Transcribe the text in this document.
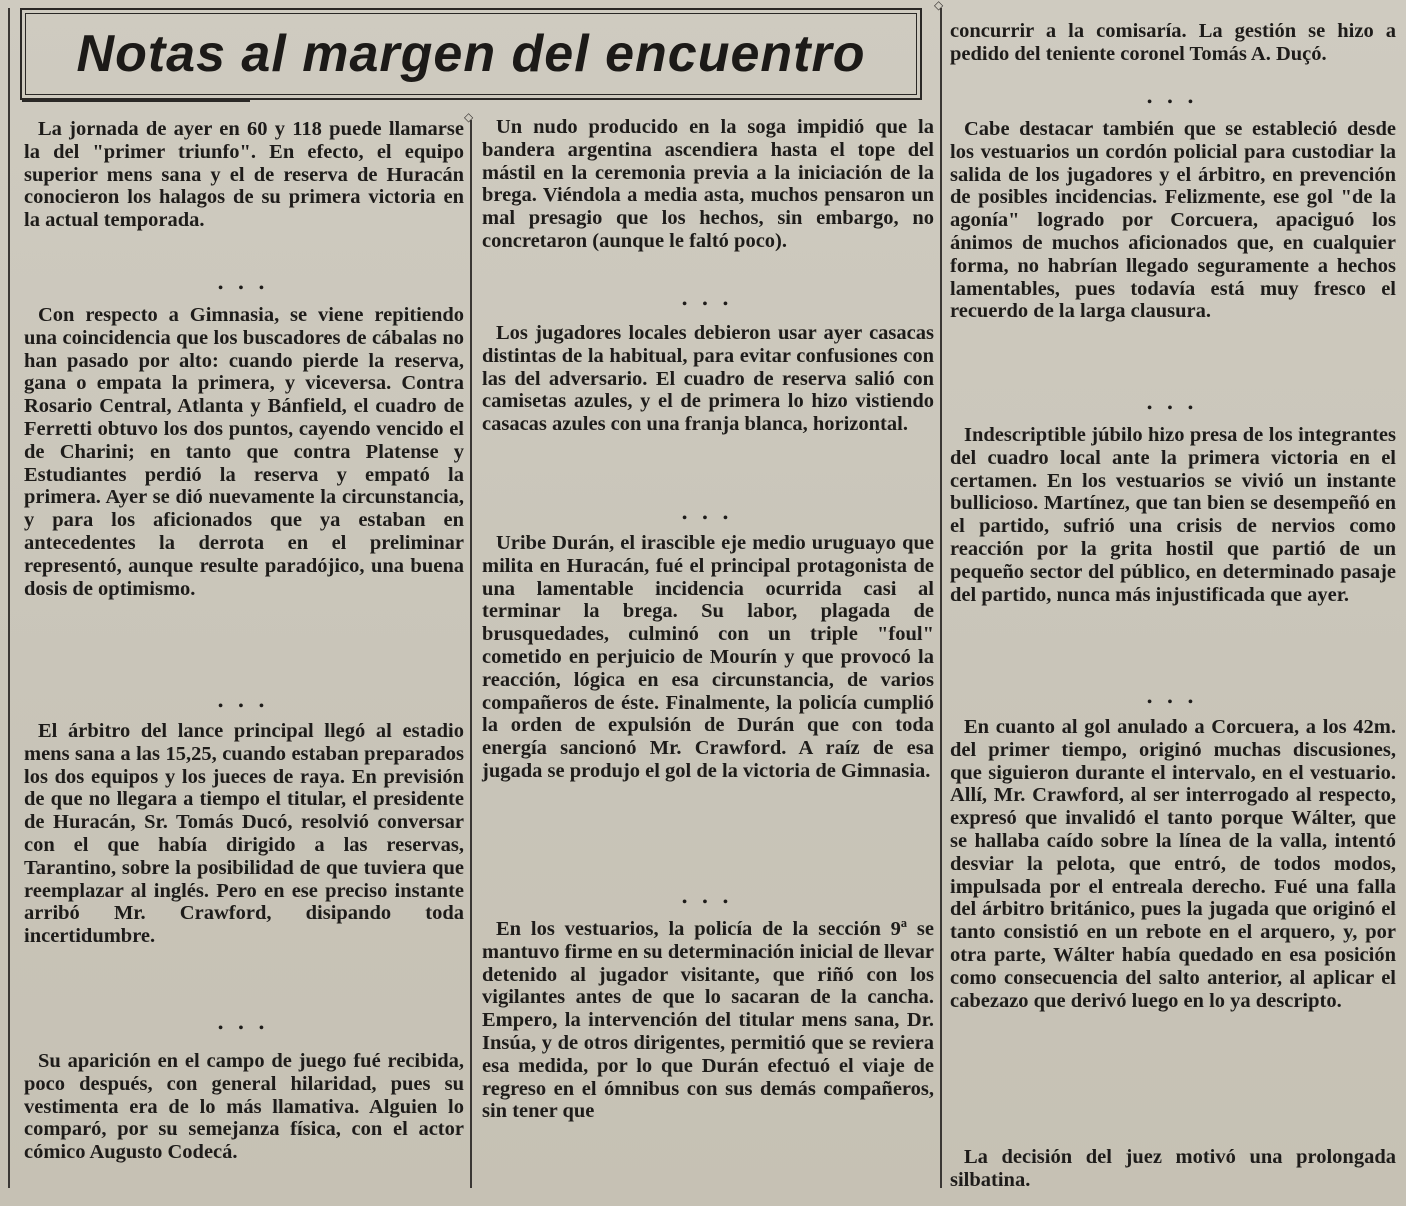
◇
◇
Notas al margen del encuentro

La jornada de ayer en 60 y 118 puede llamarse la del "primer triunfo". En efecto, el equipo superior mens sana y el de reserva de Huracán conocieron los halagos de su primera victoria en la actual temporada.

• • •

Con respecto a Gimnasia, se viene repitiendo una coincidencia que los buscadores de cábalas no han pasado por alto: cuando pierde la reserva, gana o empata la primera, y viceversa. Contra Rosario Central, Atlanta y Bánfield, el cuadro de Ferretti obtuvo los dos puntos, cayendo vencido el de Charini; en tanto que contra Platense y Estudiantes perdió la reserva y empató la primera. Ayer se dió nuevamente la circunstancia, y para los aficionados que ya estaban en antecedentes la derrota en el preliminar representó, aunque resulte paradójico, una buena dosis de optimismo.

• • •

El árbitro del lance principal llegó al estadio mens sana a las 15,25, cuando estaban preparados los dos equipos y los jueces de raya. En previsión de que no llegara a tiempo el titular, el presidente de Huracán, Sr. Tomás Ducó, resolvió conversar con el que había dirigido a las reservas, Tarantino, sobre la posibilidad de que tuviera que reemplazar al inglés. Pero en ese preciso instante arribó Mr. Crawford, disipando toda incertidumbre.

• • •

Su aparición en el campo de juego fué recibida, poco después, con general hilaridad, pues su vestimenta era de lo más llamativa. Alguien lo comparó, por su semejanza física, con el actor cómico Augusto Codecá.

Un nudo producido en la soga impidió que la bandera argentina ascendiera hasta el tope del mástil en la ceremonia previa a la iniciación de la brega. Viéndola a media asta, muchos pensaron un mal presagio que los hechos, sin embargo, no concretaron (aunque le faltó poco).

• • •

Los jugadores locales debieron usar ayer casacas distintas de la habitual, para evitar confusiones con las del adversario. El cuadro de reserva salió con camisetas azules, y el de primera lo hizo vistiendo casacas azules con una franja blanca, horizontal.

• • •

Uribe Durán, el irascible eje medio uruguayo que milita en Huracán, fué el principal protagonista de una lamentable incidencia ocurrida casi al terminar la brega. Su labor, plagada de brusquedades, culminó con un triple "foul" cometido en perjuicio de Mourín y que provocó la reacción, lógica en esa circunstancia, de varios compañeros de éste. Finalmente, la policía cumplió la orden de expulsión de Durán que con toda energía sancionó Mr. Crawford. A raíz de esa jugada se produjo el gol de la victoria de Gimnasia.

• • •

En los vestuarios, la policía de la sección 9ª se mantuvo firme en su determinación inicial de llevar detenido al jugador visitante, que riñó con los vigilantes antes de que lo sacaran de la cancha. Empero, la intervención del titular mens sana, Dr. Insúa, y de otros dirigentes, permitió que se reviera esa medida, por lo que Durán efectuó el viaje de regreso en el ómnibus con sus demás compañeros, sin tener que

concurrir a la comisaría. La gestión se hizo a pedido del teniente coronel Tomás A. Duçó.

• • •

Cabe destacar también que se estableció desde los vestuarios un cordón policial para custodiar la salida de los jugadores y el árbitro, en prevención de posibles incidencias. Felizmente, ese gol "de la agonía" logrado por Corcuera, apaciguó los ánimos de muchos aficionados que, en cualquier forma, no habrían llegado seguramente a hechos lamentables, pues todavía está muy fresco el recuerdo de la larga clausura.

• • •

Indescriptible júbilo hizo presa de los integrantes del cuadro local ante la primera victoria en el certamen. En los vestuarios se vivió un instante bullicioso. Martínez, que tan bien se desempeñó en el partido, sufrió una crisis de nervios como reacción por la grita hostil que partió de un pequeño sector del público, en determinado pasaje del partido, nunca más injustificada que ayer.

• • •

En cuanto al gol anulado a Corcuera, a los 42m. del primer tiempo, originó muchas discusiones, que siguieron durante el intervalo, en el vestuario. Allí, Mr. Crawford, al ser interrogado al respecto, expresó que invalidó el tanto porque Wálter, que se hallaba caído sobre la línea de la valla, intentó desviar la pelota, que entró, de todos modos, impulsada por el entreala derecho. Fué una falla del árbitro británico, pues la jugada que originó el tanto consistió en un rebote en el arquero, y, por otra parte, Wálter había quedado en esa posición como consecuencia del salto anterior, al aplicar el cabezazo que derivó luego en lo ya descripto.

La decisión del juez motivó una prolongada silbatina.
